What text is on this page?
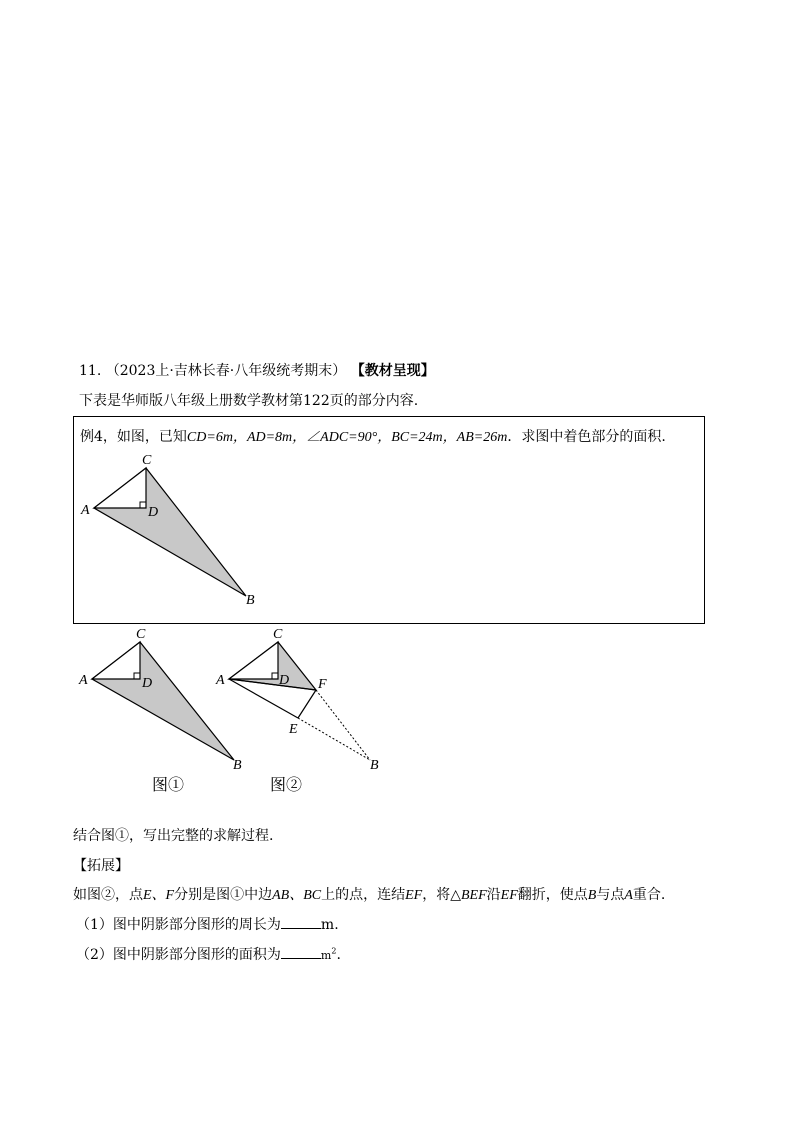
11. （2023上·吉林长春·八年级统考期末） 【教材呈现】
下表是华师版八年级上册数学教材第122页的部分内容.
例4，如图，已知CD=6m，AD=8m，∠ADC=90°，BC=24m，AB=26m．求图中着色部分的面积.
C
A	D
B
C
A	D
B
图①
C
A	D F
E
B
图②
结合图①，写出完整的求解过程.
【拓展】
如图②，点E、F分别是图①中边AB、BC上的点，连结EF，将△BEF沿EF翻折，使点B与点A重合.
（1）图中阴影部分图形的周长为	m.
（2）图中阴影部分图形的面积为	$m^2$.
